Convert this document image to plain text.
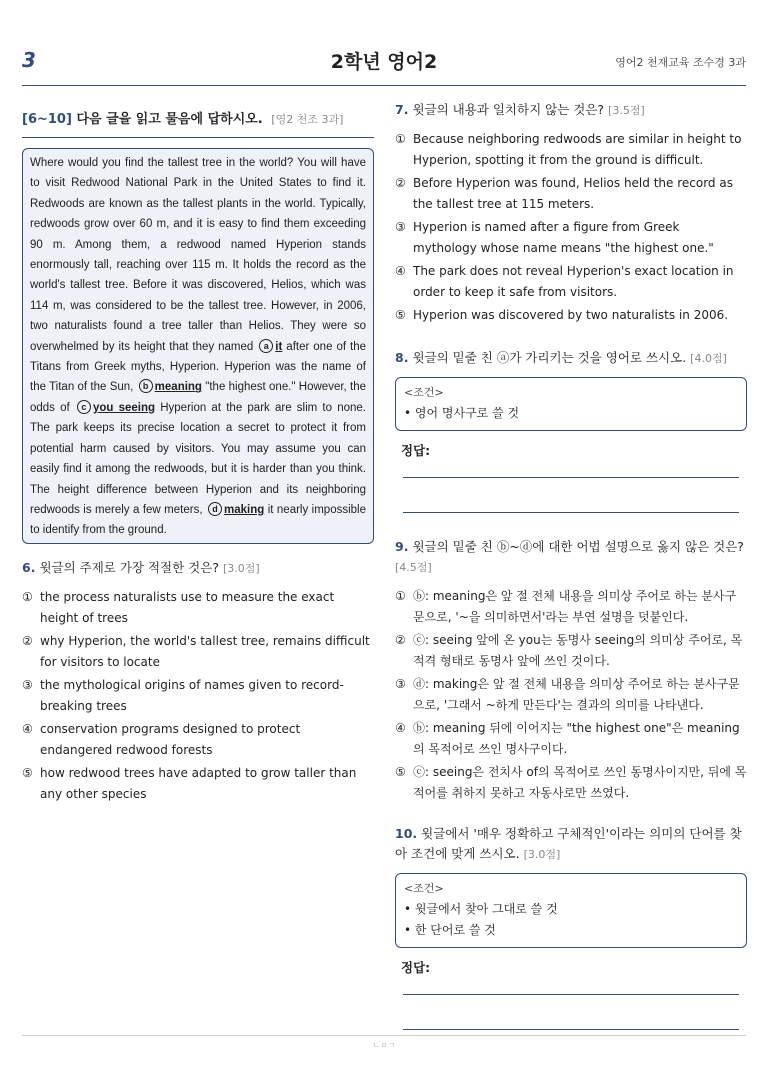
3	2학년 영어2	영어2 천재교육 조수경 3과
[6~10] 다음 글을 읽고 물음에 답하시오. [영2 천조 3과]
Where would you find the tallest tree in the world? You will have to visit Redwood National Park in the United States to find it. Redwoods are known as the tallest plants in the world. Typically, redwoods grow over 60 m, and it is easy to find them exceeding 90 m. Among them, a redwood named Hyperion stands enormously tall, reaching over 115 m. It holds the record as the world's tallest tree. Before it was discovered, Helios, which was 114 m, was considered to be the tallest tree. However, in 2006, two naturalists found a tree taller than Helios. They were so overwhelmed by its height that they named a it after one of the Titans from Greek myths, Hyperion. Hyperion was the name of the Titan of the Sun, b meaning "the highest one." However, the odds of c you seeing Hyperion at the park are slim to none. The park keeps its precise location a secret to protect it from potential harm caused by visitors. You may assume you can easily find it among the redwoods, but it is harder than you think. The height difference between Hyperion and its neighboring redwoods is merely a few meters, d making it nearly impossible to identify from the ground.
6. 윗글의 주제로 가장 적절한 것은? [3.0점]
① the process naturalists use to measure the exact height of trees
② why Hyperion, the world's tallest tree, remains difficult for visitors to locate
③ the mythological origins of names given to record-breaking trees
④ conservation programs designed to protect endangered redwood forests
⑤ how redwood trees have adapted to grow taller than any other species
7. 윗글의 내용과 일치하지 않는 것은? [3.5점]
① Because neighboring redwoods are similar in height to Hyperion, spotting it from the ground is difficult.
② Before Hyperion was found, Helios held the record as the tallest tree at 115 meters.
③ Hyperion is named after a figure from Greek mythology whose name means "the highest one."
④ The park does not reveal Hyperion's exact location in order to keep it safe from visitors.
⑤ Hyperion was discovered by two naturalists in 2006.
8. 윗글의 밑줄 친 ⓐ가 가리키는 것을 영어로 쓰시오. [4.0점]
<조건>
• 영어 명사구로 쓸 것
정답:
9. 윗글의 밑줄 친 ⓑ~ⓓ에 대한 어법 설명으로 옳지 않은 것은? [4.5점]
① ⓑ: meaning은 앞 절 전체 내용을 의미상 주어로 하는 분사구문으로, '~을 의미하면서'라는 부연 설명을 덧붙인다.
② ⓒ: seeing 앞에 온 you는 동명사 seeing의 의미상 주어로, 목적격 형태로 동명사 앞에 쓰인 것이다.
③ ⓓ: making은 앞 절 전체 내용을 의미상 주어로 하는 분사구문으로, '그래서 ~하게 만든다'는 결과의 의미를 나타낸다.
④ ⓑ: meaning 뒤에 이어지는 "the highest one"은 meaning의 목적어로 쓰인 명사구이다.
⑤ ⓒ: seeing은 전치사 of의 목적어로 쓰인 동명사이지만, 뒤에 목적어를 취하지 못하고 자동사로만 쓰였다.
10. 윗글에서 '매우 정확하고 구체적인'이라는 의미의 단어를 찾아 조건에 맞게 쓰시오. [3.0점]
<조건>
• 윗글에서 찾아 그대로 쓸 것
• 한 단어로 쓸 것
정답:
ㄴㅇㄱ
